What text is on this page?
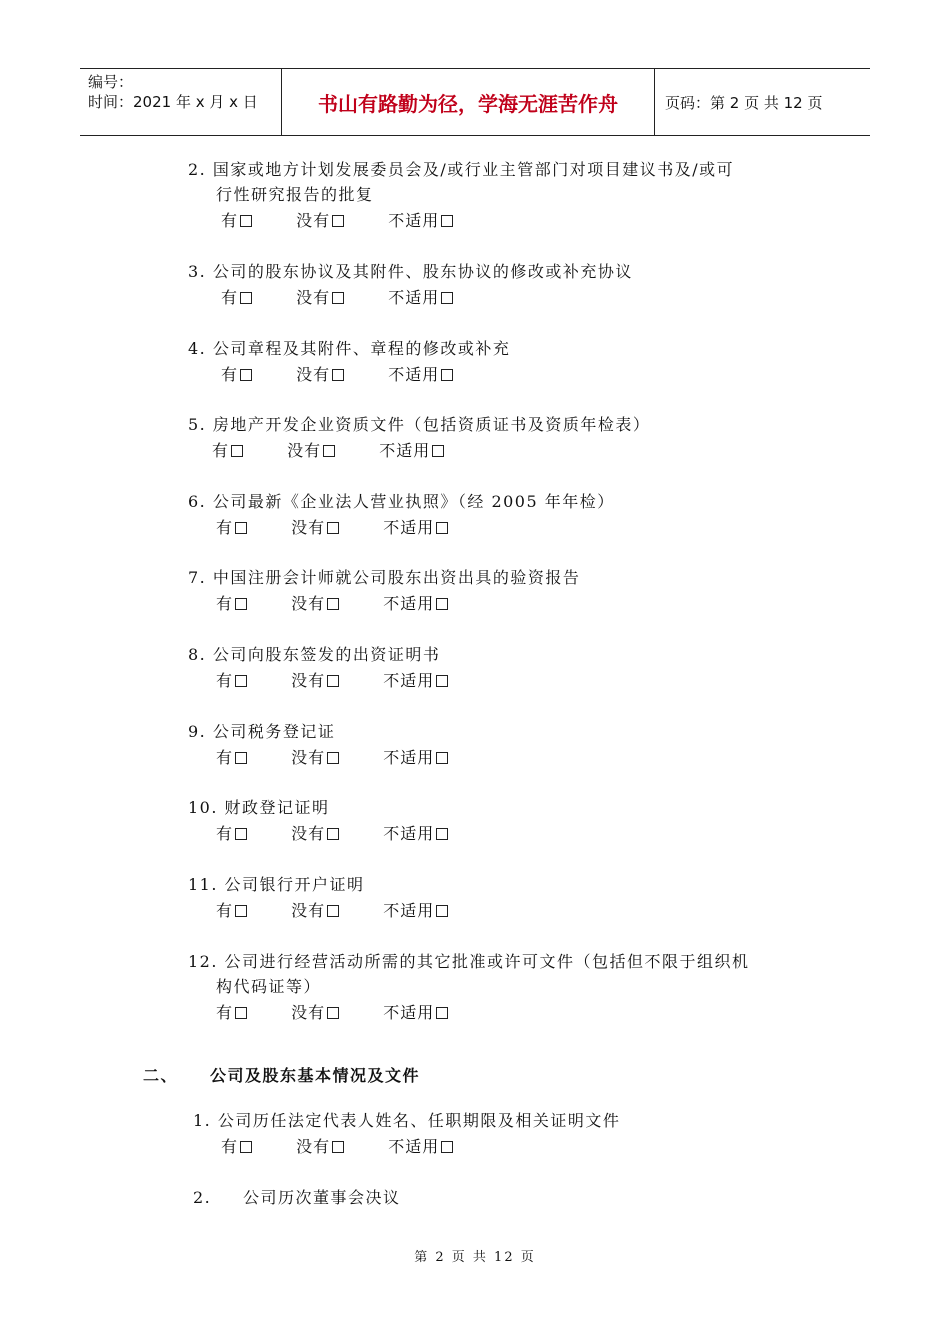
编号：
时间：2021 年 x 月 x 日	书山有路勤为径，学海无涯苦作舟	页码：第 2 页 共 12 页
2. 国家或地方计划发展委员会及/或行业主管部门对项目建议书及/或可
行性研究报告的批复
有	没有	不适用
3. 公司的股东协议及其附件、股东协议的修改或补充协议
有	没有	不适用
4. 公司章程及其附件、章程的修改或补充
有	没有	不适用
5. 房地产开发企业资质文件（包括资质证书及资质年检表）
有	没有	不适用
6. 公司最新《企业法人营业执照》（经 2005 年年检）
有	没有	不适用
7. 中国注册会计师就公司股东出资出具的验资报告
有	没有	不适用
8. 公司向股东签发的出资证明书
有	没有	不适用
9. 公司税务登记证
有	没有	不适用
10. 财政登记证明
有	没有	不适用
11. 公司银行开户证明
有	没有	不适用
12. 公司进行经营活动所需的其它批准或许可文件（包括但不限于组织机
构代码证等）
有	没有	不适用
二、 公司及股东基本情况及文件
1. 公司历任法定代表人姓名、任职期限及相关证明文件
有	没有	不适用
2. 公司历次董事会决议
第 2 页 共 12 页
